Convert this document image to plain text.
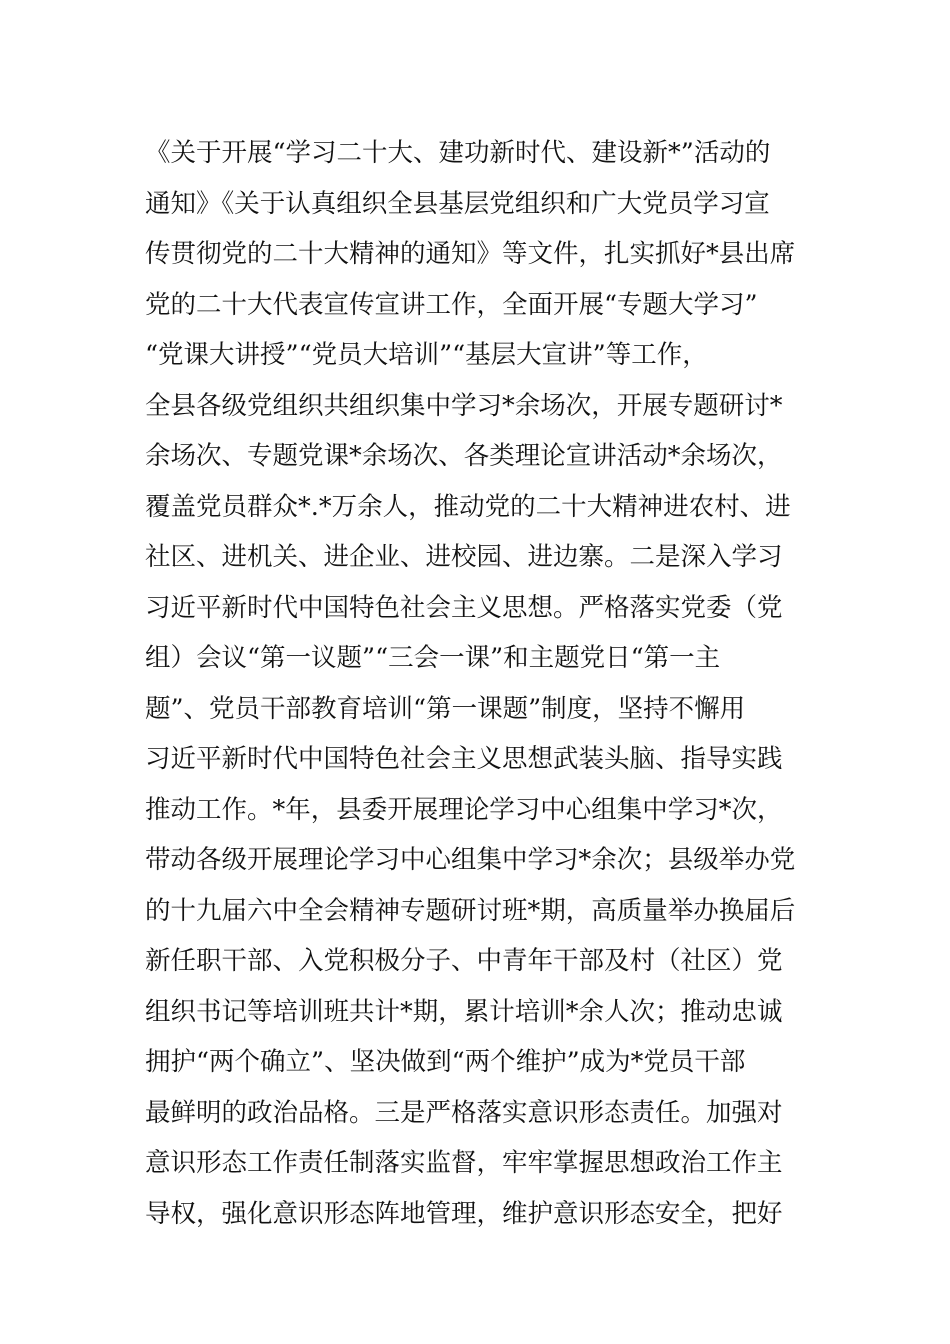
《关于开展“学习二十大、建功新时代、建设新*”活动的
通知》《关于认真组织全县基层党组织和广大党员学习宣
传贯彻党的二十大精神的通知》等文件，扎实抓好*县出席
党的二十大代表宣传宣讲工作，全面开展“专题大学习”
“党课大讲授”“党员大培训”“基层大宣讲”等工作，
全县各级党组织共组织集中学习*余场次，开展专题研讨*
余场次、专题党课*余场次、各类理论宣讲活动*余场次，
覆盖党员群众*.*万余人，推动党的二十大精神进农村、进
社区、进机关、进企业、进校园、进边寨。二是深入学习
习近平新时代中国特色社会主义思想。严格落实党委（党
组）会议“第一议题”“三会一课”和主题党日“第一主
题”、党员干部教育培训“第一课题”制度，坚持不懈用
习近平新时代中国特色社会主义思想武装头脑、指导实践
推动工作。*年，县委开展理论学习中心组集中学习*次，
带动各级开展理论学习中心组集中学习*余次；县级举办党
的十九届六中全会精神专题研讨班*期，高质量举办换届后
新任职干部、入党积极分子、中青年干部及村（社区）党
组织书记等培训班共计*期，累计培训*余人次；推动忠诚
拥护“两个确立”、坚决做到“两个维护”成为*党员干部
最鲜明的政治品格。三是严格落实意识形态责任。加强对
意识形态工作责任制落实监督，牢牢掌握思想政治工作主
导权，强化意识形态阵地管理，维护意识形态安全，把好
